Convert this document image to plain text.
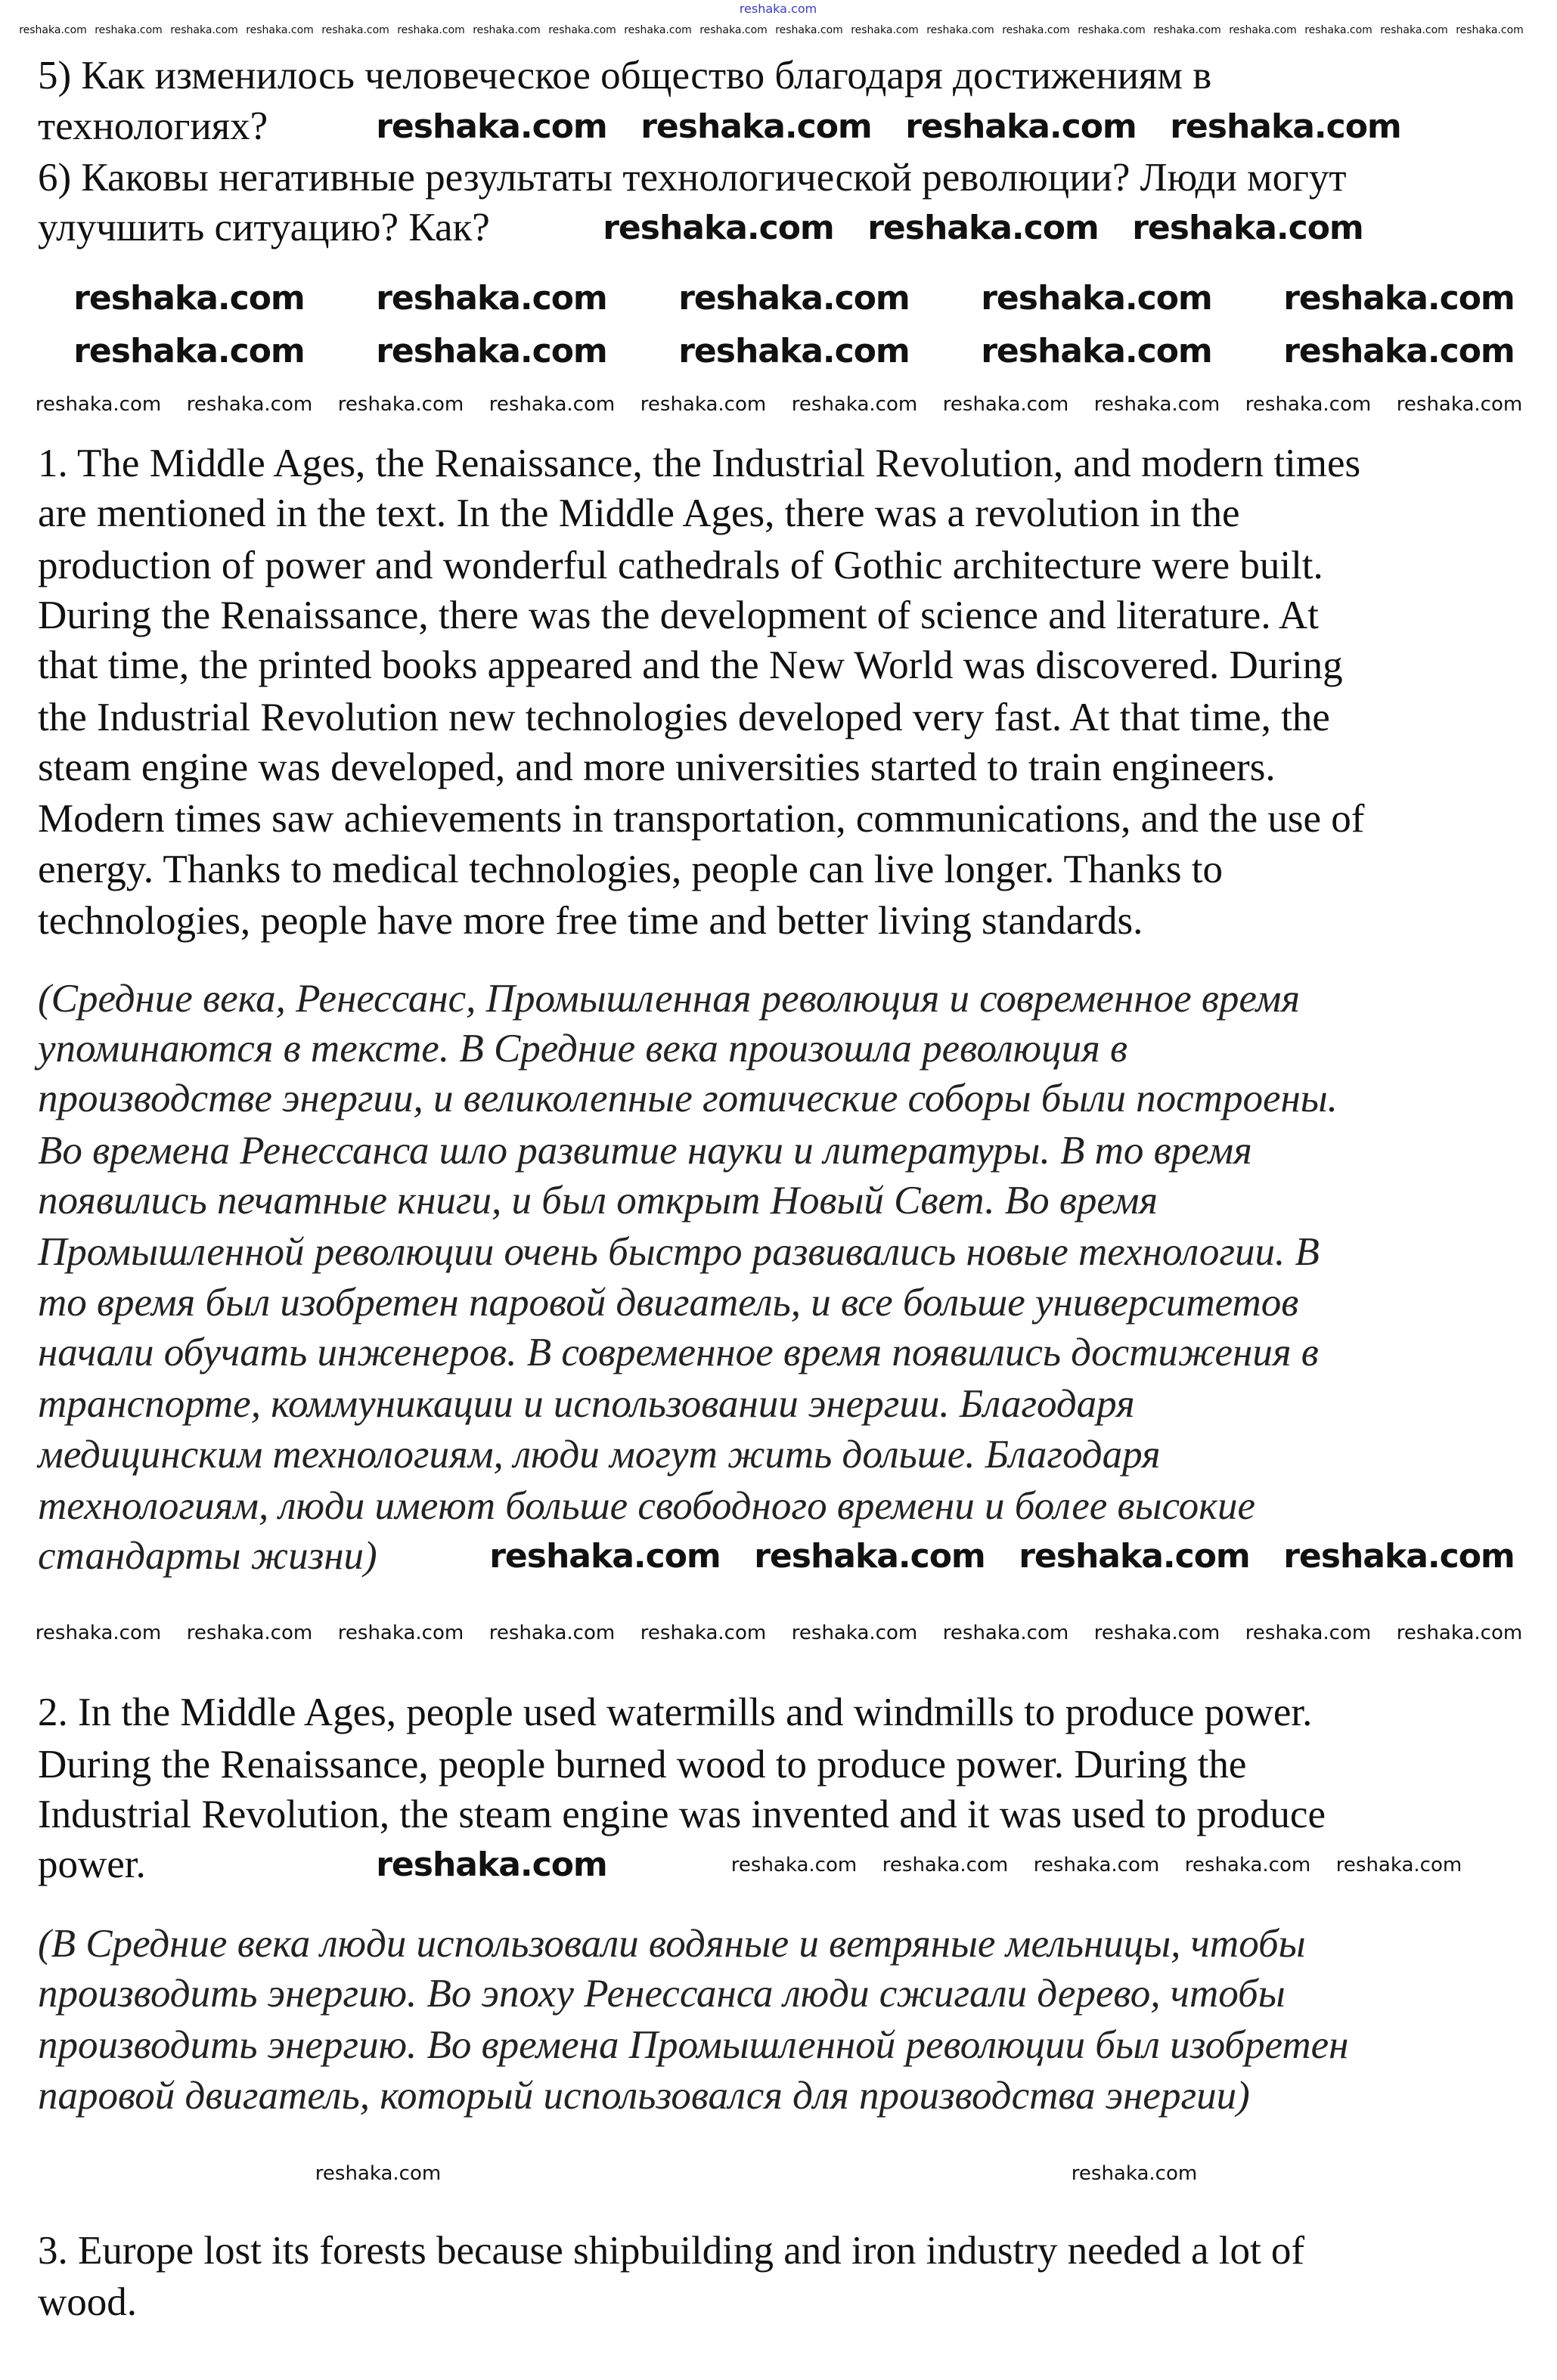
5) Как изменилось человеческое общество благодаря достижениям в
технологиях?
6) Каковы негативные результаты технологической революции? Люди могут
улучшить ситуацию? Как?
1. The Middle Ages, the Renaissance, the Industrial Revolution, and modern times
are mentioned in the text. In the Middle Ages, there was a revolution in the
production of power and wonderful cathedrals of Gothic architecture were built.
During the Renaissance, there was the development of science and literature. At
that time, the printed books appeared and the New World was discovered. During
the Industrial Revolution new technologies developed very fast. At that time, the
steam engine was developed, and more universities started to train engineers.
Modern times saw achievements in transportation, communications, and the use of
energy. Thanks to medical technologies, people can live longer. Thanks to
technologies, people have more free time and better living standards.
(Средние века, Ренессанс, Промышленная революция и современное время
упоминаются в тексте. В Средние века произошла революция в
производстве энергии, и великолепные готические соборы были построены.
Во времена Ренессанса шло развитие науки и литературы. В то время
появились печатные книги, и был открыт Новый Свет. Во время
Промышленной революции очень быстро развивались новые технологии. В
то время был изобретен паровой двигатель, и все больше университетов
начали обучать инженеров. В современное время появились достижения в
транспорте, коммуникации и использовании энергии. Благодаря
медицинским технологиям, люди могут жить дольше. Благодаря
технологиям, люди имеют больше свободного времени и более высокие
стандарты жизни)
2. In the Middle Ages, people used watermills and windmills to produce power.
During the Renaissance, people burned wood to produce power. During the
Industrial Revolution, the steam engine was invented and it was used to produce
power.
(В Средние века люди использовали водяные и ветряные мельницы, чтобы
производить энергию. Во эпоху Ренессанса люди сжигали дерево, чтобы
производить энергию. Во времена Промышленной революции был изобретен
паровой двигатель, который использовался для производства энергии)
3. Europe lost its forests because shipbuilding and iron industry needed a lot of
wood.
reshaka.com
reshaka.com reshaka.com reshaka.com reshaka.com reshaka.com reshaka.com reshaka.com reshaka.com reshaka.com reshaka.com reshaka.com reshaka.com reshaka.com reshaka.com reshaka.com reshaka.com reshaka.com reshaka.com reshaka.com reshaka.com
reshaka.com reshaka.com reshaka.com reshaka.com
reshaka.com reshaka.com reshaka.com
reshaka.com reshaka.com reshaka.com reshaka.com reshaka.com
reshaka.com reshaka.com reshaka.com reshaka.com reshaka.com
reshaka.com reshaka.com reshaka.com reshaka.com reshaka.com reshaka.com reshaka.com reshaka.com reshaka.com reshaka.com
reshaka.com reshaka.com reshaka.com reshaka.com
reshaka.com reshaka.com reshaka.com reshaka.com reshaka.com reshaka.com reshaka.com reshaka.com reshaka.com reshaka.com
reshaka.com	reshaka.com reshaka.com reshaka.com reshaka.com reshaka.com
reshaka.com	reshaka.com
